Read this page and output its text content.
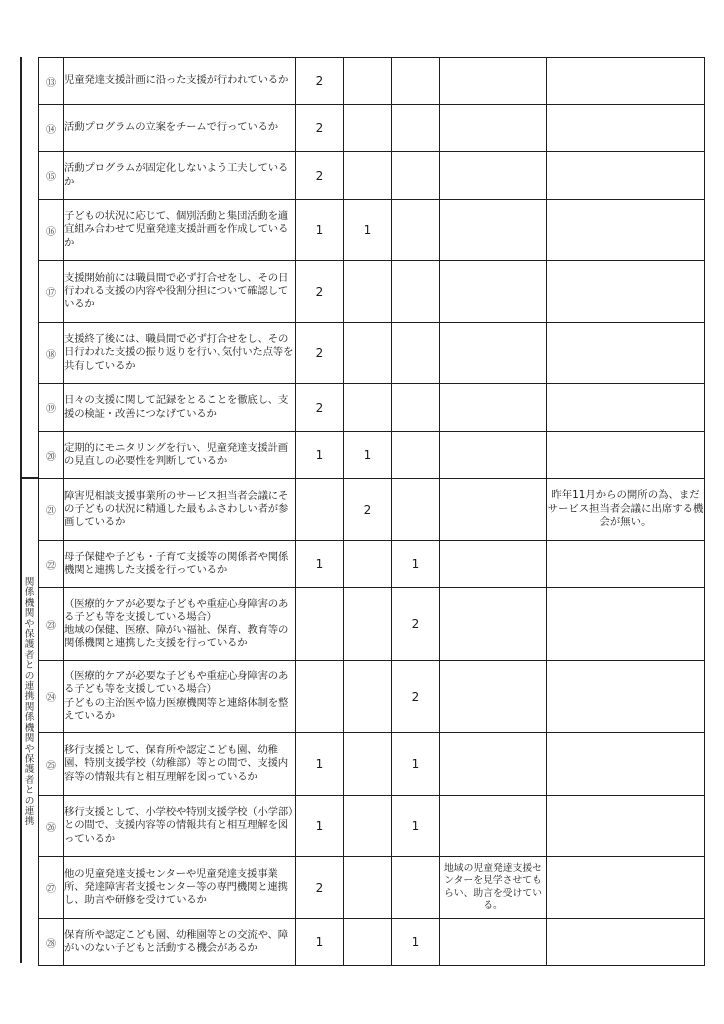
関係機関や保護者との連携関係機関や保護者との連携
⑬	児童発達支援計画に沿った支援が行われているか	2				
⑭	活動プログラムの立案をチームで行っているか	2				
⑮	活動プログラムが固定化しないよう工夫しているか	2				
⑯	子どもの状況に応じて、個別活動と集団活動を適宜組み合わせて児童発達支援計画を作成しているか	1	1			
⑰	支援開始前には職員間で必ず打合せをし、その日行われる支援の内容や役割分担について確認しているか	2				
⑱	支援終了後には、職員間で必ず打合せをし、その日行われた支援の振り返りを行い､気付いた点等を共有しているか	2				
⑲	日々の支援に関して記録をとることを徹底し、支援の検証・改善につなげているか	2				
⑳	定期的にモニタリングを行い、児童発達支援計画の見直しの必要性を判断しているか	1	1			
㉑	障害児相談支援事業所のサービス担当者会議にその子どもの状況に精通した最もふさわしい者が参画しているか		2			昨年11月からの開所の為、まだサービス担当者会議に出席する機会が無い。
㉒	母子保健や子ども・子育て支援等の関係者や関係機関と連携した支援を行っているか	1		1		
㉓	（医療的ケアが必要な子どもや重症心身障害のある子ども等を支援している場合）
地域の保健、医療、障がい福祉、保育、教育等の関係機関と連携した支援を行っているか			2		
㉔	（医療的ケアが必要な子どもや重症心身障害のある子ども等を支援している場合）
子どもの主治医や協力医療機関等と連絡体制を整えているか			2		
㉕	移行支援として、保育所や認定こども園、幼稚園、特別支援学校（幼稚部）等との間で、支援内容等の情報共有と相互理解を図っているか	1		1		
㉖	移行支援として、小学校や特別支援学校（小学部）との間で、支援内容等の情報共有と相互理解を図っているか	1		1		
㉗	他の児童発達支援センターや児童発達支援事業所、発達障害者支援センター等の専門機関と連携し、助言や研修を受けているか	2			地域の児童発達支援センターを見学させてもらい、助言を受けている。	
㉘	保育所や認定こども園、幼稚園等との交流や、障がいのない子どもと活動する機会があるか	1		1		
